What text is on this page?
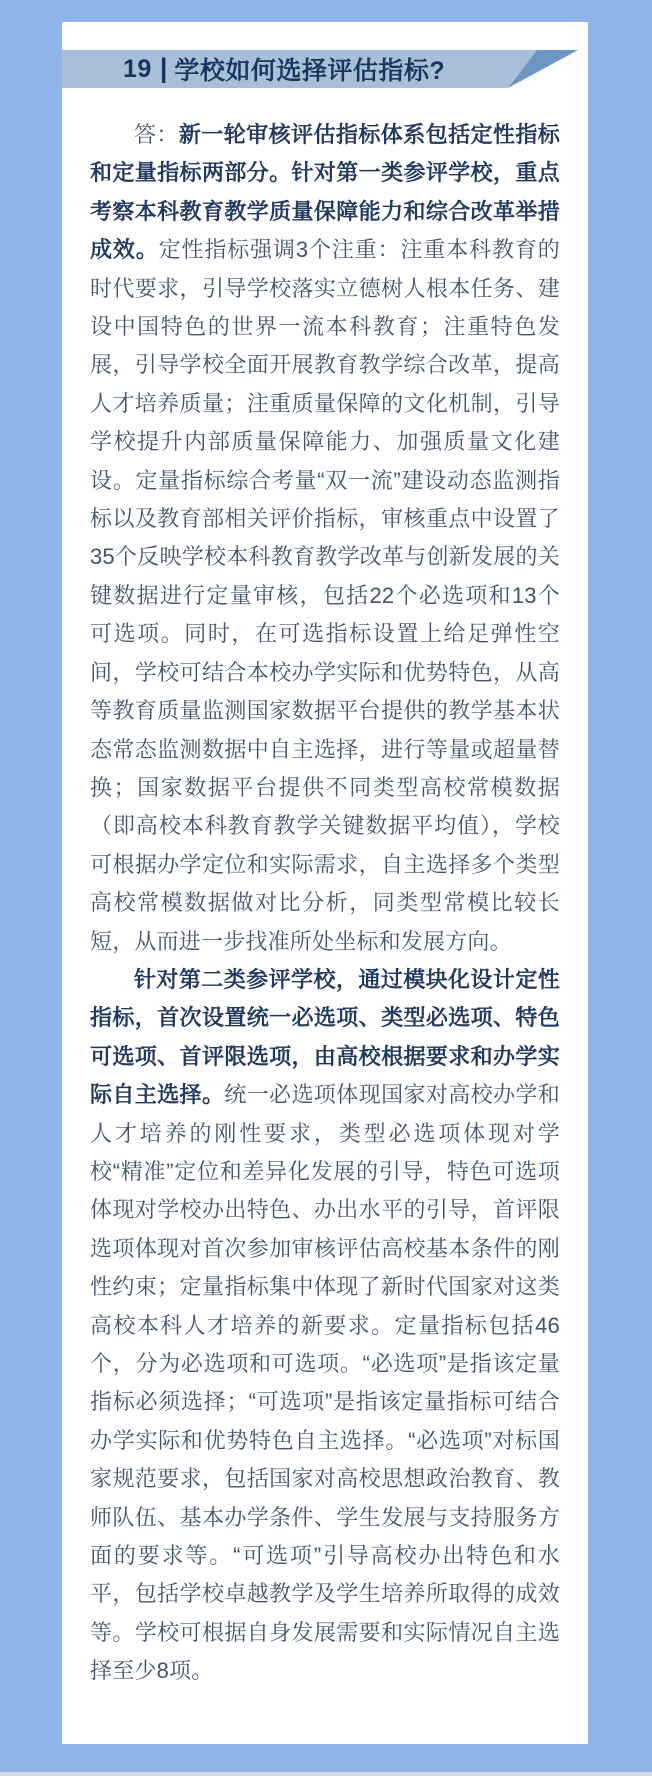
19 | 学校如何选择评估指标?

答：新一轮审核评估指标体系包括定性指标和定量指标两部分。针对第一类参评学校，重点考察本科教育教学质量保障能力和综合改革举措成效。定性指标强调3个注重：注重本科教育的时代要求，引导学校落实立德树人根本任务、建设中国特色的世界一流本科教育；注重特色发展，引导学校全面开展教育教学综合改革，提高人才培养质量；注重质量保障的文化机制，引导学校提升内部质量保障能力、加强质量文化建设。定量指标综合考量“双一流”建设动态监测指标以及教育部相关评价指标，审核重点中设置了35个反映学校本科教育教学改革与创新发展的关键数据进行定量审核，包括22个必选项和13个可选项。同时，在可选指标设置上给足弹性空间，学校可结合本校办学实际和优势特色，从高等教育质量监测国家数据平台提供的教学基本状态常态监测数据中自主选择，进行等量或超量替换；国家数据平台提供不同类型高校常模数据（即高校本科教育教学关键数据平均值），学校可根据办学定位和实际需求，自主选择多个类型高校常模数据做对比分析，同类型常模比较长短，从而进一步找准所处坐标和发展方向。

针对第二类参评学校，通过模块化设计定性指标，首次设置统一必选项、类型必选项、特色可选项、首评限选项，由高校根据要求和办学实际自主选择。统一必选项体现国家对高校办学和人才培养的刚性要求，类型必选项体现对学校“精准”定位和差异化发展的引导，特色可选项体现对学校办出特色、办出水平的引导，首评限选项体现对首次参加审核评估高校基本条件的刚性约束；定量指标集中体现了新时代国家对这类高校本科人才培养的新要求。定量指标包括46个，分为必选项和可选项。“必选项”是指该定量指标必须选择；“可选项”是指该定量指标可结合办学实际和优势特色自主选择。“必选项”对标国家规范要求，包括国家对高校思想政治教育、教师队伍、基本办学条件、学生发展与支持服务方面的要求等。“可选项”引导高校办出特色和水平，包括学校卓越教学及学生培养所取得的成效等。学校可根据自身发展需要和实际情况自主选择至少8项。
